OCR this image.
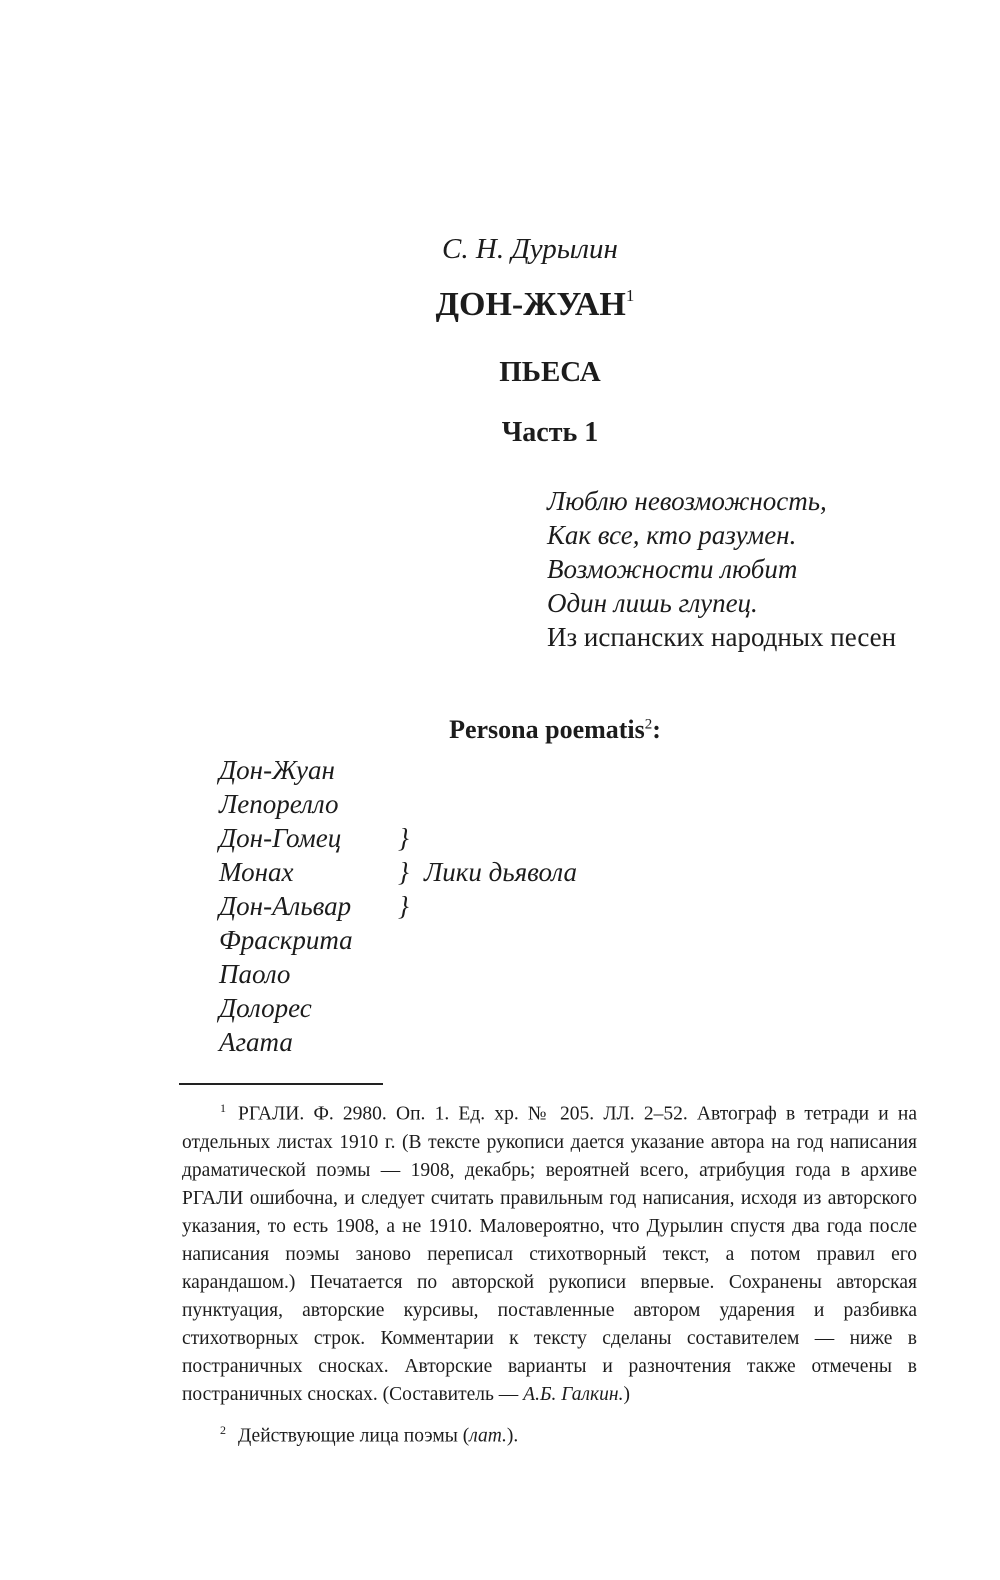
С. Н. Дурылин
ДОН-ЖУАН$^1$
ПЬЕСА
Часть 1
Люблю невозможность,
Как все, кто разумен.
Возможности любит
Один лишь глупец.
Из испанских народных песен
Persona poematis$^2$:
Дон-Жуан
Лепорелло
Дон-Гомец
Монах
Дон-Альвар
Фраскрита
Паоло
Долорес
Агата
}
}
}
Лики дьявола

$^1$ РГАЛИ. Ф. 2980. Оп. 1. Ед. хр. № 205. ЛЛ. 2–52. Автограф в тетради и на отдельных листах 1910 г. (В тексте рукописи дается указание автора на год написания драматической поэмы — 1908, декабрь; вероятней всего, атрибуция года в архиве РГАЛИ ошибочна, и следует считать правильным год написания, исходя из авторского указания, то есть 1908, а не 1910. Маловероятно, что Дурылин спустя два года после написания поэмы заново переписал стихотворный текст, а потом правил его карандашом.) Печатается по авторской рукописи впервые. Сохранены авторская пунктуация, авторские курсивы, поставленные автором ударения и разбивка стихотворных строк. Комментарии к тексту сделаны составителем — ниже в постраничных сносках. Авторские варианты и разночтения также отмечены в постраничных сносках. (Составитель — А.Б. Галкин.)

$^2$ Действующие лица поэмы (лат.).
